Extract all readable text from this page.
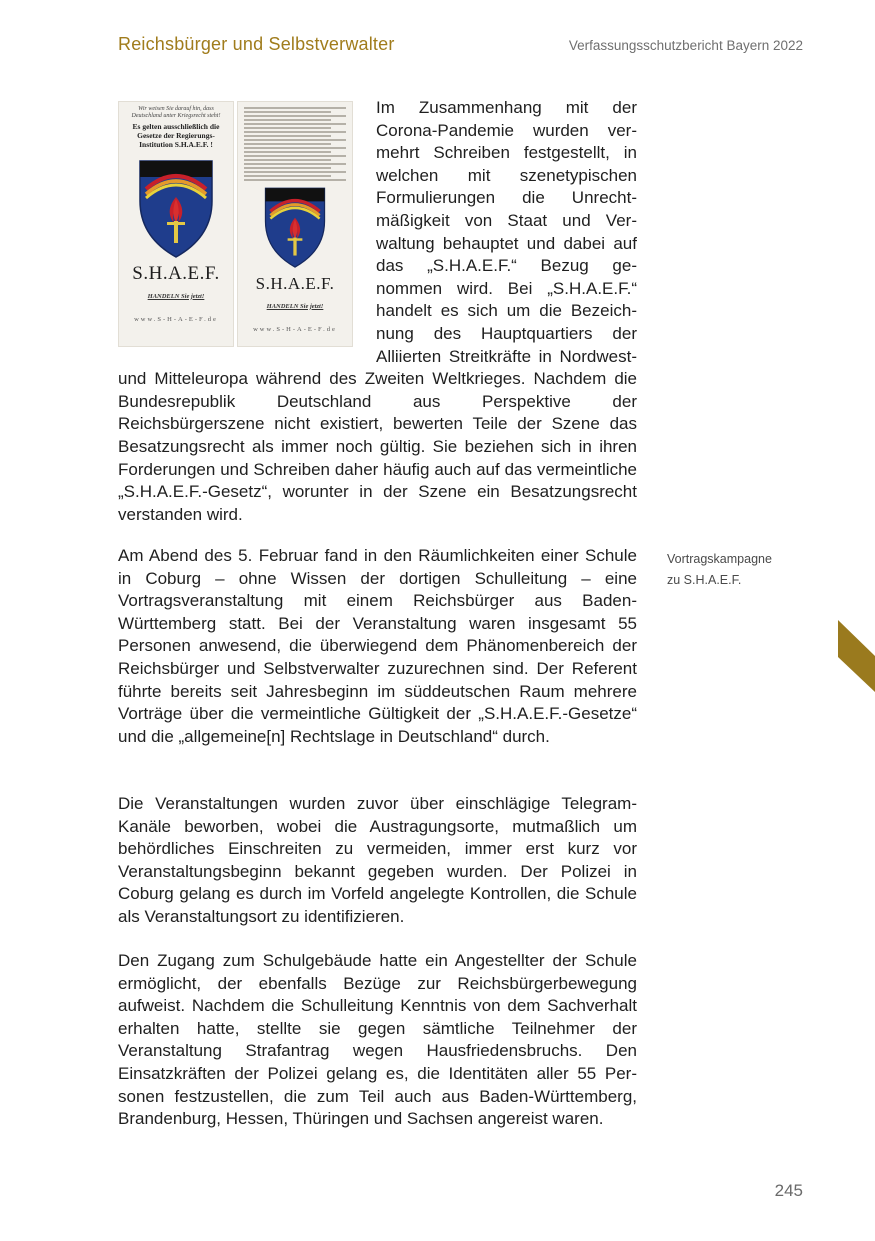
Reichsbürger und Selbstverwalter	Verfassungsschutzbericht Bayern 2022
Wir weisen Sie darauf hin, dass Deutschland unter Kriegsrecht steht!
Es gelten ausschließlich die Gesetze der Regierungs-Institution S.H.A.E.F. !
S.H.A.E.F.
HANDELN Sie jetzt!
www.S-H-A-E-F.de
S.H.A.E.F.
HANDELN Sie jetzt!
www.S-H-A-E-F.de
Im Zusammenhang mit der Corona-Pandemie wurden vermehrt Schreiben festgestellt, in welchen mit szenetypischen Formulierungen die Unrechtmäßigkeit von Staat und Verwaltung behauptet und dabei auf das „S.H.A.E.F.“ Bezug genommen wird. Bei „S.H.A.E.F.“ handelt es sich um die Bezeichnung des Hauptquartiers der Alliierten Streitkräfte in Nordwest- und Mitteleuropa während des Zweiten Weltkrieges. Nachdem die Bundesrepublik Deutschland aus Perspektive der Reichsbürgerszene nicht existiert, bewerten Teile der Szene das Besatzungsrecht als immer noch gültig. Sie beziehen sich in ihren Forderungen und Schreiben daher häufig auch auf das vermeintliche „S.H.A.E.F.-Gesetz“, worunter in der Szene ein Besatzungsrecht verstanden wird.
Am Abend des 5. Februar fand in den Räumlichkeiten einer Schule in Coburg – ohne Wissen der dortigen Schulleitung – eine Vortragsveranstaltung mit einem Reichsbürger aus Baden-Württemberg statt. Bei der Veranstaltung waren insgesamt 55 Personen anwesend, die überwiegend dem Phänomenbereich der Reichsbürger und Selbstverwalter zuzurechnen sind. Der Referent führte bereits seit Jahresbeginn im süddeutschen Raum mehrere Vorträge über die vermeintliche Gültigkeit der „S.H.A.E.F.-Gesetze“ und die „allgemeine[n] Rechtslage in Deutschland“ durch.
Die Veranstaltungen wurden zuvor über einschlägige Telegram-Kanäle beworben, wobei die Austragungsorte, mutmaßlich um behördliches Einschreiten zu vermeiden, immer erst kurz vor Veranstaltungsbeginn bekannt gegeben wurden. Der Polizei in Coburg gelang es durch im Vorfeld angelegte Kontrollen, die Schule als Veranstaltungsort zu identifizieren.
Den Zugang zum Schulgebäude hatte ein Angestellter der Schule ermöglicht, der ebenfalls Bezüge zur Reichsbürgerbewegung aufweist. Nachdem die Schulleitung Kenntnis von dem Sachverhalt erhalten hatte, stellte sie gegen sämtliche Teilnehmer der Veranstaltung Strafantrag wegen Hausfriedensbruchs. Den Einsatzkräften der Polizei gelang es, die Identitäten aller 55 Personen festzustellen, die zum Teil auch aus Baden-Württemberg, Brandenburg, Hessen, Thüringen und Sachsen angereist waren.
Vortragskampagne
zu S.H.A.E.F.
245
